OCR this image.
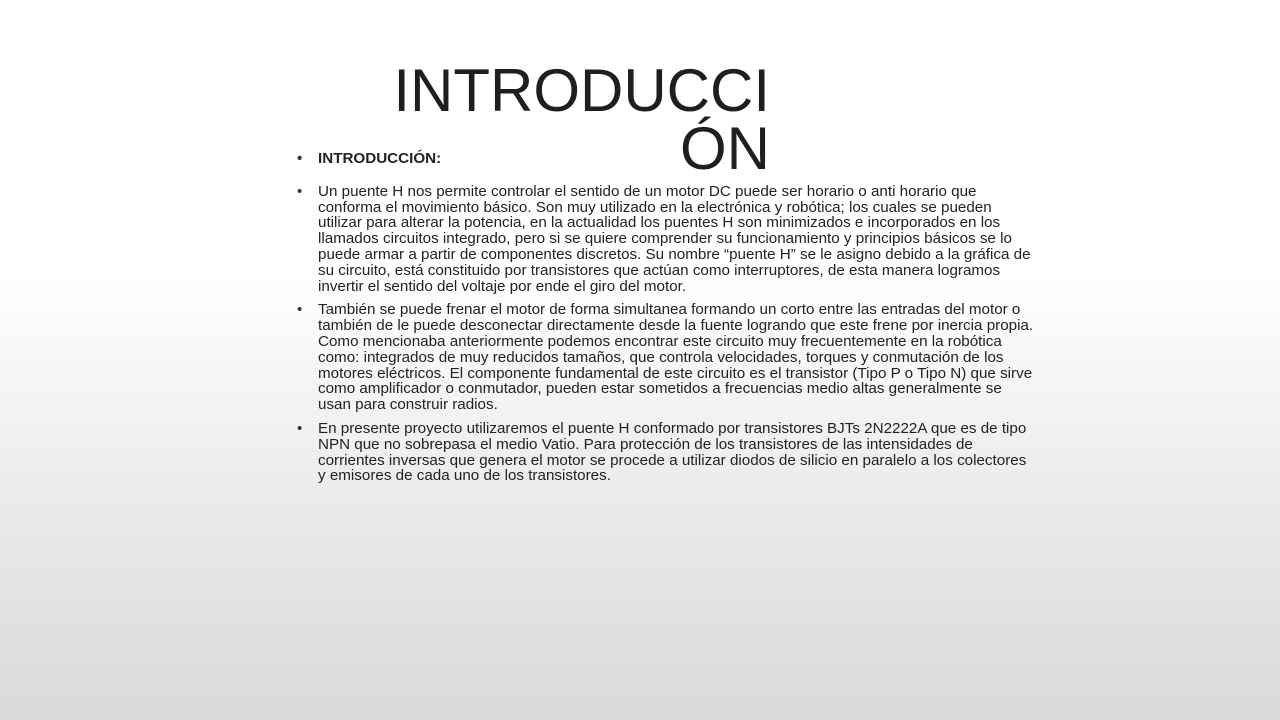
INTRODUCCI
ÓN
• INTRODUCCIÓN:
• Un puente H nos permite controlar el sentido de un motor DC puede ser horario o anti horario que conforma el movimiento básico. Son muy utilizado en la electrónica y robótica; los cuales se pueden utilizar para alterar la potencia, en la actualidad los puentes H son minimizados e incorporados en los llamados circuitos integrado, pero si se quiere comprender su funcionamiento y principios básicos se lo puede armar a partir de componentes discretos. Su nombre “puente H” se le asigno debido a la gráfica de su circuito, está constituido por transistores que actúan como interruptores, de esta manera logramos invertir el sentido del voltaje por ende el giro del motor.
• También se puede frenar el motor de forma simultanea formando un corto entre las entradas del motor o también de le puede desconectar directamente desde la fuente logrando que este frene por inercia propia. Como mencionaba anteriormente podemos encontrar este circuito muy frecuentemente en la robótica como: integrados de muy reducidos tamaños, que controla velocidades, torques y conmutación de los motores eléctricos. El componente fundamental de este circuito es el transistor (Tipo P o Tipo N) que sirve como amplificador o conmutador, pueden estar sometidos a frecuencias medio altas generalmente se usan para construir radios.
• En presente proyecto utilizaremos el puente H conformado por transistores BJTs 2N2222A que es de tipo NPN que no sobrepasa el medio Vatio. Para protección de los transistores de las intensidades de corrientes inversas que genera el motor se procede a utilizar diodos de silicio en paralelo a los colectores y emisores de cada uno de los transistores.
